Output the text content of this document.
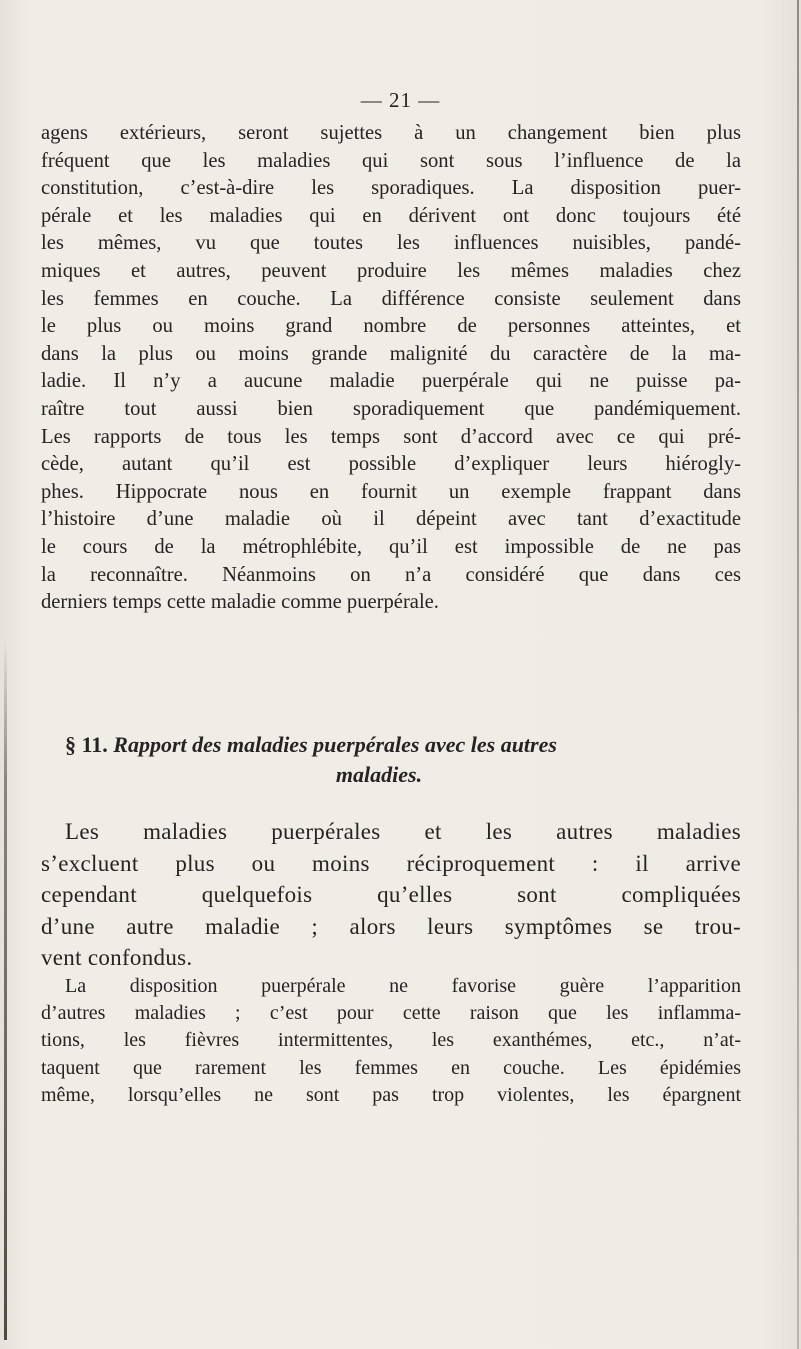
— 21 —

agens extérieurs, seront sujettes à un changement bien plus
fréquent que les maladies qui sont sous l’influence de la
constitution, c’est-à-dire les sporadiques. La disposition puer-
pérale et les maladies qui en dérivent ont donc toujours été
les mêmes, vu que toutes les influences nuisibles, pandé-
miques et autres, peuvent produire les mêmes maladies chez
les femmes en couche. La différence consiste seulement dans
le plus ou moins grand nombre de personnes atteintes, et
dans la plus ou moins grande malignité du caractère de la ma-
ladie. Il n’y a aucune maladie puerpérale qui ne puisse pa-
raître tout aussi bien sporadiquement que pandémiquement.
Les rapports de tous les temps sont d’accord avec ce qui pré-
cède, autant qu’il est possible d’expliquer leurs hiérogly-
phes. Hippocrate nous en fournit un exemple frappant dans
l’histoire d’une maladie où il dépeint avec tant d’exactitude
le cours de la métrophlébite, qu’il est impossible de ne pas
la reconnaître. Néanmoins on n’a considéré que dans ces
derniers temps cette maladie comme puerpérale.

§ 11. Rapport des maladies puerpérales avec les autres
maladies.

Les maladies puerpérales et les autres maladies
s’excluent plus ou moins réciproquement : il arrive
cependant quelquefois qu’elles sont compliquées
d’une autre maladie ; alors leurs symptômes se trou-
vent confondus.

La disposition puerpérale ne favorise guère l’apparition
d’autres maladies ; c’est pour cette raison que les inflamma-
tions, les fièvres intermittentes, les exanthémes, etc., n’at-
taquent que rarement les femmes en couche. Les épidémies
même, lorsqu’elles ne sont pas trop violentes, les épargnent
